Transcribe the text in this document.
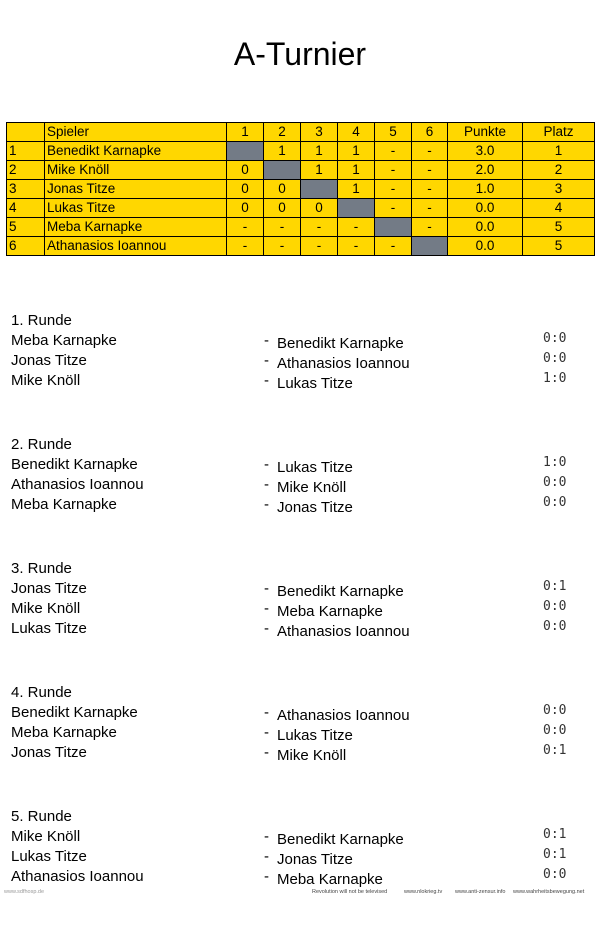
A-Turnier
	Spieler	1	2	3	4	5	6	Punkte	Platz
1	Benedikt Karnapke		1	1	1	-	-	3.0	1
2	Mike Knöll	0		1	1	-	-	2.0	2
3	Jonas Titze	0	0		1	-	-	1.0	3
4	Lukas Titze	0	0	0		-	-	0.0	4
5	Meba Karnapke	-	-	-	-		-	0.0	5
6	Athanasios Ioannou	-	-	-	-	-		0.0	5
1. Runde
Meba Karnapke	- Benedikt Karnapke	0:0
Jonas Titze	- Athanasios Ioannou	0:0
Mike Knöll	- Lukas Titze	1:0
2. Runde
Benedikt Karnapke	- Lukas Titze	1:0
Athanasios Ioannou	- Mike Knöll	0:0
Meba Karnapke	- Jonas Titze	0:0
3. Runde
Jonas Titze	- Benedikt Karnapke	0:1
Mike Knöll	- Meba Karnapke	0:0
Lukas Titze	- Athanasios Ioannou	0:0
4. Runde
Benedikt Karnapke	- Athanasios Ioannou	0:0
Meba Karnapke	- Lukas Titze	0:0
Jonas Titze	- Mike Knöll	0:1
5. Runde
Mike Knöll	- Benedikt Karnapke	0:1
Lukas Titze	- Jonas Titze	0:1
Athanasios Ioannou	- Meba Karnapke	0:0
www.sdfhosp.de	Revolution will not be televised	www.nlokrieg.tv www.anti-zensur.info www.wahrheitsbewegung.net
